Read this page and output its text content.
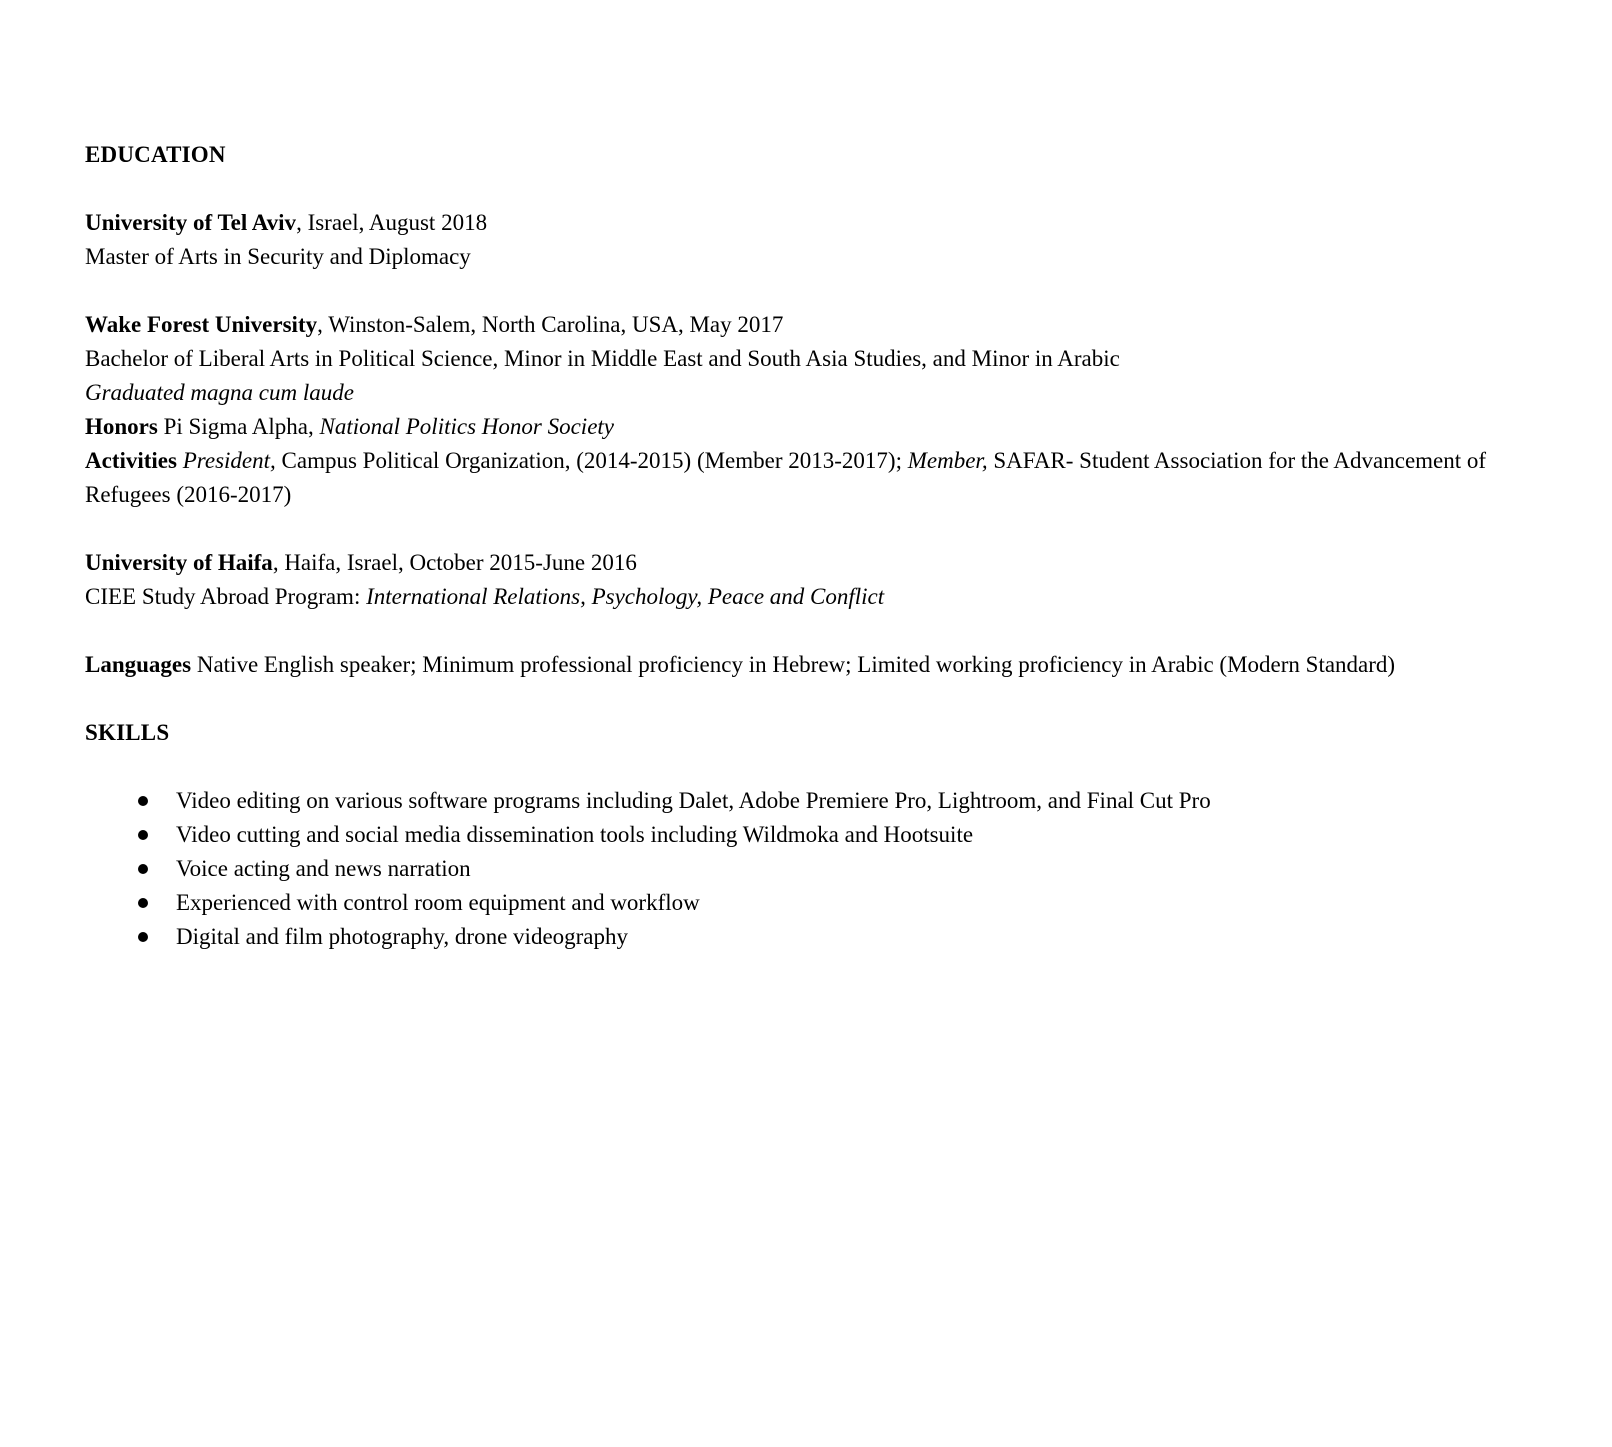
EDUCATION
University of Tel Aviv, Israel, August 2018
Master of Arts in Security and Diplomacy
Wake Forest University, Winston-Salem, North Carolina, USA, May 2017
Bachelor of Liberal Arts in Political Science, Minor in Middle East and South Asia Studies, and Minor in Arabic
Graduated magna cum laude
Honors Pi Sigma Alpha, National Politics Honor Society
Activities President, Campus Political Organization, (2014-2015) (Member 2013-2017); Member, SAFAR- Student Association for the Advancement of Refugees (2016-2017)
University of Haifa, Haifa, Israel, October 2015-June 2016
CIEE Study Abroad Program: International Relations, Psychology, Peace and Conflict
Languages Native English speaker; Minimum professional proficiency in Hebrew; Limited working proficiency in Arabic (Modern Standard)
SKILLS
Video editing on various software programs including Dalet, Adobe Premiere Pro, Lightroom, and Final Cut Pro
Video cutting and social media dissemination tools including Wildmoka and Hootsuite
Voice acting and news narration
Experienced with control room equipment and workflow
Digital and film photography, drone videography
